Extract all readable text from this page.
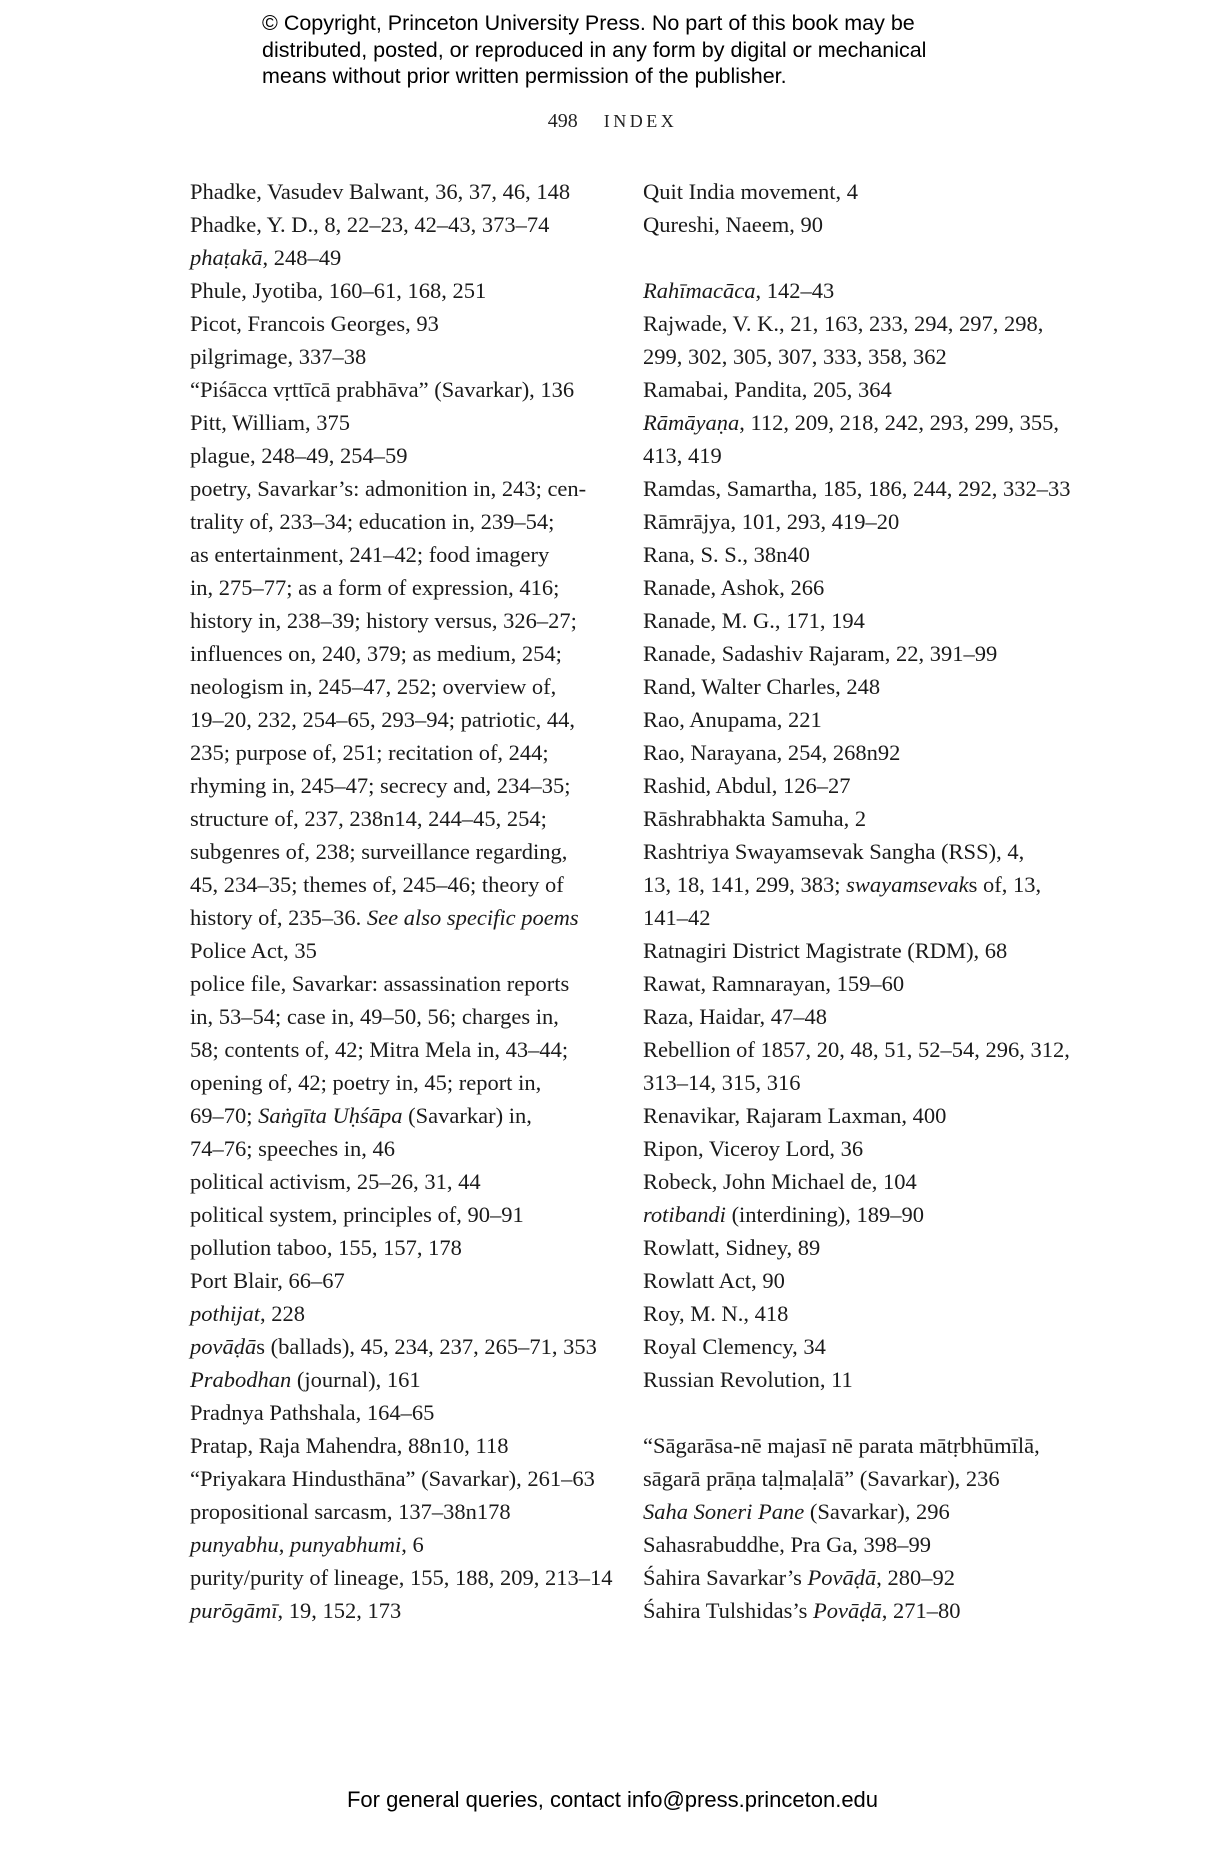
© Copyright, Princeton University Press. No part of this book may be
distributed, posted, or reproduced in any form by digital or mechanical
means without prior written permission of the publisher.
498 INDEX
Phadke, Vasudev Balwant, 36, 37, 46, 148
Phadke, Y. D., 8, 22–23, 42–43, 373–74
phaṭakā, 248–49
Phule, Jyotiba, 160–61, 168, 251
Picot, Francois Georges, 93
pilgrimage, 337–38
“Piśācca vṛttīcā prabhāva” (Savarkar), 136
Pitt, William, 375
plague, 248–49, 254–59
poetry, Savarkar’s: admonition in, 243; cen-
trality of, 233–34; education in, 239–54;
as entertainment, 241–42; food imagery
in, 275–77; as a form of expression, 416;
history in, 238–39; history versus, 326–27;
influences on, 240, 379; as medium, 254;
neologism in, 245–47, 252; overview of,
19–20, 232, 254–65, 293–94; patriotic, 44,
235; purpose of, 251; recitation of, 244;
rhyming in, 245–47; secrecy and, 234–35;
structure of, 237, 238n14, 244–45, 254;
subgenres of, 238; surveillance regarding,
45, 234–35; themes of, 245–46; theory of
history of, 235–36. See also specific poems
Police Act, 35
police file, Savarkar: assassination reports
in, 53–54; case in, 49–50, 56; charges in,
58; contents of, 42; Mitra Mela in, 43–44;
opening of, 42; poetry in, 45; report in,
69–70; Saṅgīta Uḥśāpa (Savarkar) in,
74–76; speeches in, 46
political activism, 25–26, 31, 44
political system, principles of, 90–91
pollution taboo, 155, 157, 178
Port Blair, 66–67
pothijat, 228
povāḍās (ballads), 45, 234, 237, 265–71, 353
Prabodhan (journal), 161
Pradnya Pathshala, 164–65
Pratap, Raja Mahendra, 88n10, 118
“Priyakara Hindusthāna” (Savarkar), 261–63
propositional sarcasm, 137–38n178
punyabhu, punyabhumi, 6
purity/purity of lineage, 155, 188, 209, 213–14
purōgāmī, 19, 152, 173
Quit India movement, 4
Qureshi, Naeem, 90
Rahīmacāca, 142–43
Rajwade, V. K., 21, 163, 233, 294, 297, 298,
299, 302, 305, 307, 333, 358, 362
Ramabai, Pandita, 205, 364
Rāmāyaṇa, 112, 209, 218, 242, 293, 299, 355,
413, 419
Ramdas, Samartha, 185, 186, 244, 292, 332–33
Rāmrājya, 101, 293, 419–20
Rana, S. S., 38n40
Ranade, Ashok, 266
Ranade, M. G., 171, 194
Ranade, Sadashiv Rajaram, 22, 391–99
Rand, Walter Charles, 248
Rao, Anupama, 221
Rao, Narayana, 254, 268n92
Rashid, Abdul, 126–27
Rāshrabhakta Samuha, 2
Rashtriya Swayamsevak Sangha (RSS), 4,
13, 18, 141, 299, 383; swayamsevaks of, 13,
141–42
Ratnagiri District Magistrate (RDM), 68
Rawat, Ramnarayan, 159–60
Raza, Haidar, 47–48
Rebellion of 1857, 20, 48, 51, 52–54, 296, 312,
313–14, 315, 316
Renavikar, Rajaram Laxman, 400
Ripon, Viceroy Lord, 36
Robeck, John Michael de, 104
rotibandi (interdining), 189–90
Rowlatt, Sidney, 89
Rowlatt Act, 90
Roy, M. N., 418
Royal Clemency, 34
Russian Revolution, 11
“Sāgarāsa-nē majasī nē parata mātṛbhūmīlā,
sāgarā prāṇa taḷmaḷalā” (Savarkar), 236
Saha Soneri Pane (Savarkar), 296
Sahasrabuddhe, Pra Ga, 398–99
Śahira Savarkar’s Povāḍā, 280–92
Śahira Tulshidas’s Povāḍā, 271–80
For general queries, contact info@press.princeton.edu
